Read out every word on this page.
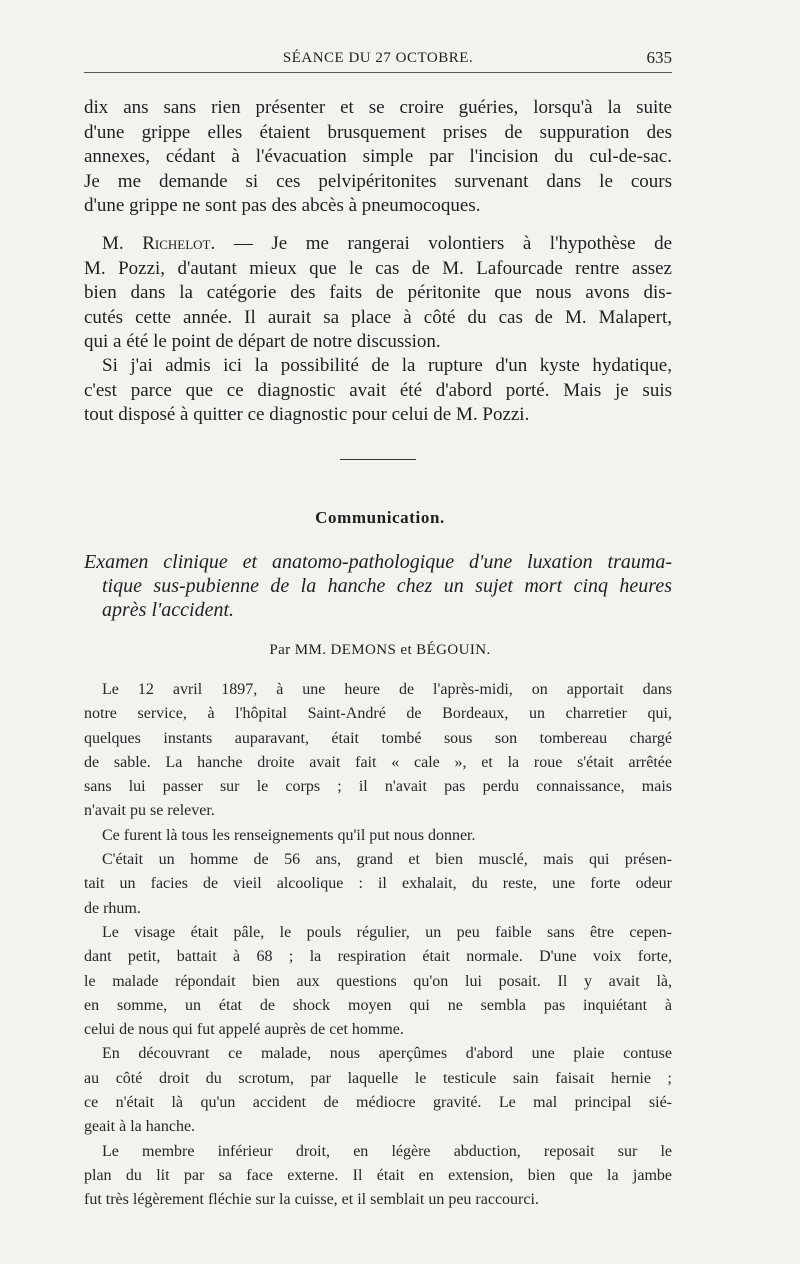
SÉANCE DU 27 OCTOBRE.	635
dix ans sans rien présenter et se croire guéries, lorsqu'à la suite
d'une grippe elles étaient brusquement prises de suppuration des
annexes, cédant à l'évacuation simple par l'incision du cul-de-sac.
Je me demande si ces pelvipéritonites survenant dans le cours
d'une grippe ne sont pas des abcès à pneumocoques.
M. Richelot. — Je me rangerai volontiers à l'hypothèse de
M. Pozzi, d'autant mieux que le cas de M. Lafourcade rentre assez
bien dans la catégorie des faits de péritonite que nous avons dis-
cutés cette année. Il aurait sa place à côté du cas de M. Malapert,
qui a été le point de départ de notre discussion.
Si j'ai admis ici la possibilité de la rupture d'un kyste hydatique,
c'est parce que ce diagnostic avait été d'abord porté. Mais je suis
tout disposé à quitter ce diagnostic pour celui de M. Pozzi.
Communication.
Examen clinique et anatomo-pathologique d'une luxation trauma-
tique sus-pubienne de la hanche chez un sujet mort cinq heures
après l'accident.
Par MM. DEMONS et BÉGOUIN.
Le 12 avril 1897, à une heure de l'après-midi, on apportait dans
notre service, à l'hôpital Saint-André de Bordeaux, un charretier qui,
quelques instants auparavant, était tombé sous son tombereau chargé
de sable. La hanche droite avait fait « cale », et la roue s'était arrêtée
sans lui passer sur le corps ; il n'avait pas perdu connaissance, mais
n'avait pu se relever.
Ce furent là tous les renseignements qu'il put nous donner.
C'était un homme de 56 ans, grand et bien musclé, mais qui présen-
tait un facies de vieil alcoolique : il exhalait, du reste, une forte odeur
de rhum.
Le visage était pâle, le pouls régulier, un peu faible sans être cepen-
dant petit, battait à 68 ; la respiration était normale. D'une voix forte,
le malade répondait bien aux questions qu'on lui posait. Il y avait là,
en somme, un état de shock moyen qui ne sembla pas inquiétant à
celui de nous qui fut appelé auprès de cet homme.
En découvrant ce malade, nous aperçûmes d'abord une plaie contuse
au côté droit du scrotum, par laquelle le testicule sain faisait hernie ;
ce n'était là qu'un accident de médiocre gravité. Le mal principal sié-
geait à la hanche.
Le membre inférieur droit, en légère abduction, reposait sur le
plan du lit par sa face externe. Il était en extension, bien que la jambe
fut très légèrement fléchie sur la cuisse, et il semblait un peu raccourci.
